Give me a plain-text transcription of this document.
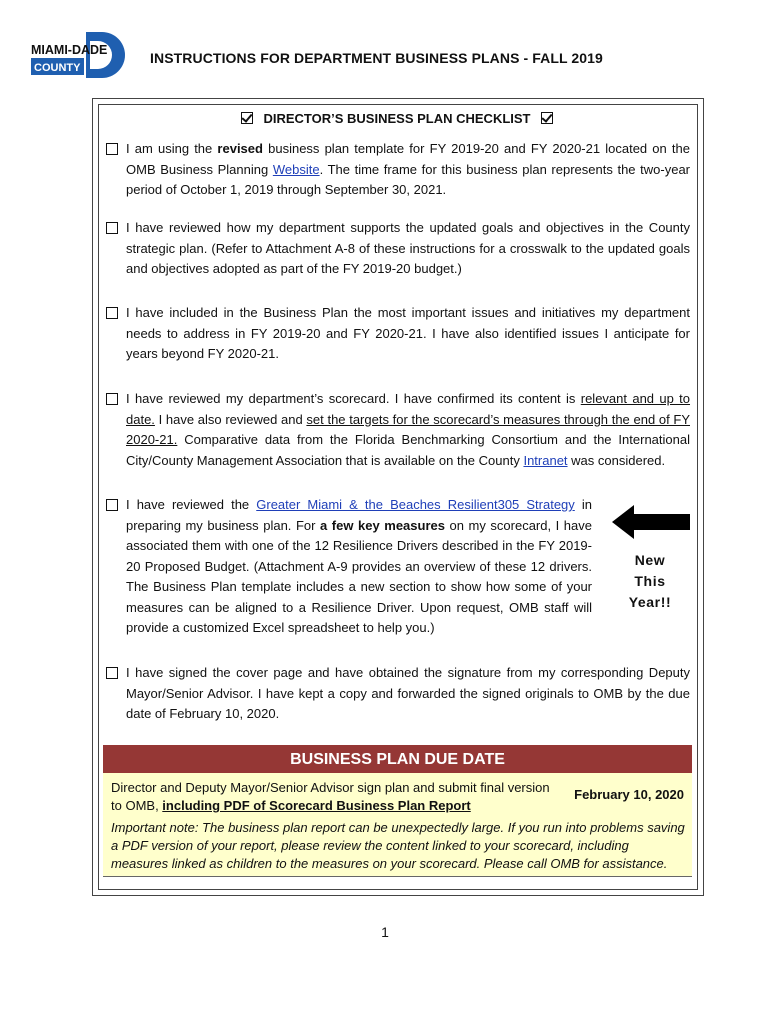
MIAMI-DADE
COUNTY
INSTRUCTIONS FOR DEPARTMENT BUSINESS PLANS - FALL 2019
DIRECTOR’S BUSINESS PLAN CHECKLIST
I am using the revised business plan template for FY 2019-20 and FY 2020-21 located on the OMB Business Planning Website. The time frame for this business plan represents the two-year period of October 1, 2019 through September 30, 2021.
I have reviewed how my department supports the updated goals and objectives in the County strategic plan. (Refer to Attachment A-8 of these instructions for a crosswalk to the updated goals and objectives adopted as part of the FY 2019-20 budget.)
I have included in the Business Plan the most important issues and initiatives my department needs to address in FY 2019-20 and FY 2020-21. I have also identified issues I anticipate for years beyond FY 2020-21.
I have reviewed my department’s scorecard. I have confirmed its content is relevant and up to date. I have also reviewed and set the targets for the scorecard’s measures through the end of FY 2020-21. Comparative data from the Florida Benchmarking Consortium and the International City/County Management Association that is available on the County Intranet was considered.
I have reviewed the Greater Miami & the Beaches Resilient305 Strategy in preparing my business plan. For a few key measures on my scorecard, I have associated them with one of the 12 Resilience Drivers described in the FY 2019-20 Proposed Budget. (Attachment A-9 provides an overview of these 12 drivers. The Business Plan template includes a new section to show how some of your measures can be aligned to a Resilience Driver. Upon request, OMB staff will provide a customized Excel spreadsheet to help you.)
New
This
Year!!
I have signed the cover page and have obtained the signature from my corresponding Deputy Mayor/Senior Advisor. I have kept a copy and forwarded the signed originals to OMB by the due date of February 10, 2020.
BUSINESS PLAN DUE DATE
Director and Deputy Mayor/Senior Advisor sign plan and submit final version to OMB, including PDF of Scorecard Business Plan Report
February 10, 2020
Important note: The business plan report can be unexpectedly large. If you run into problems saving a PDF version of your report, please review the content linked to your scorecard, including measures linked as children to the measures on your scorecard. Please call OMB for assistance.
1
